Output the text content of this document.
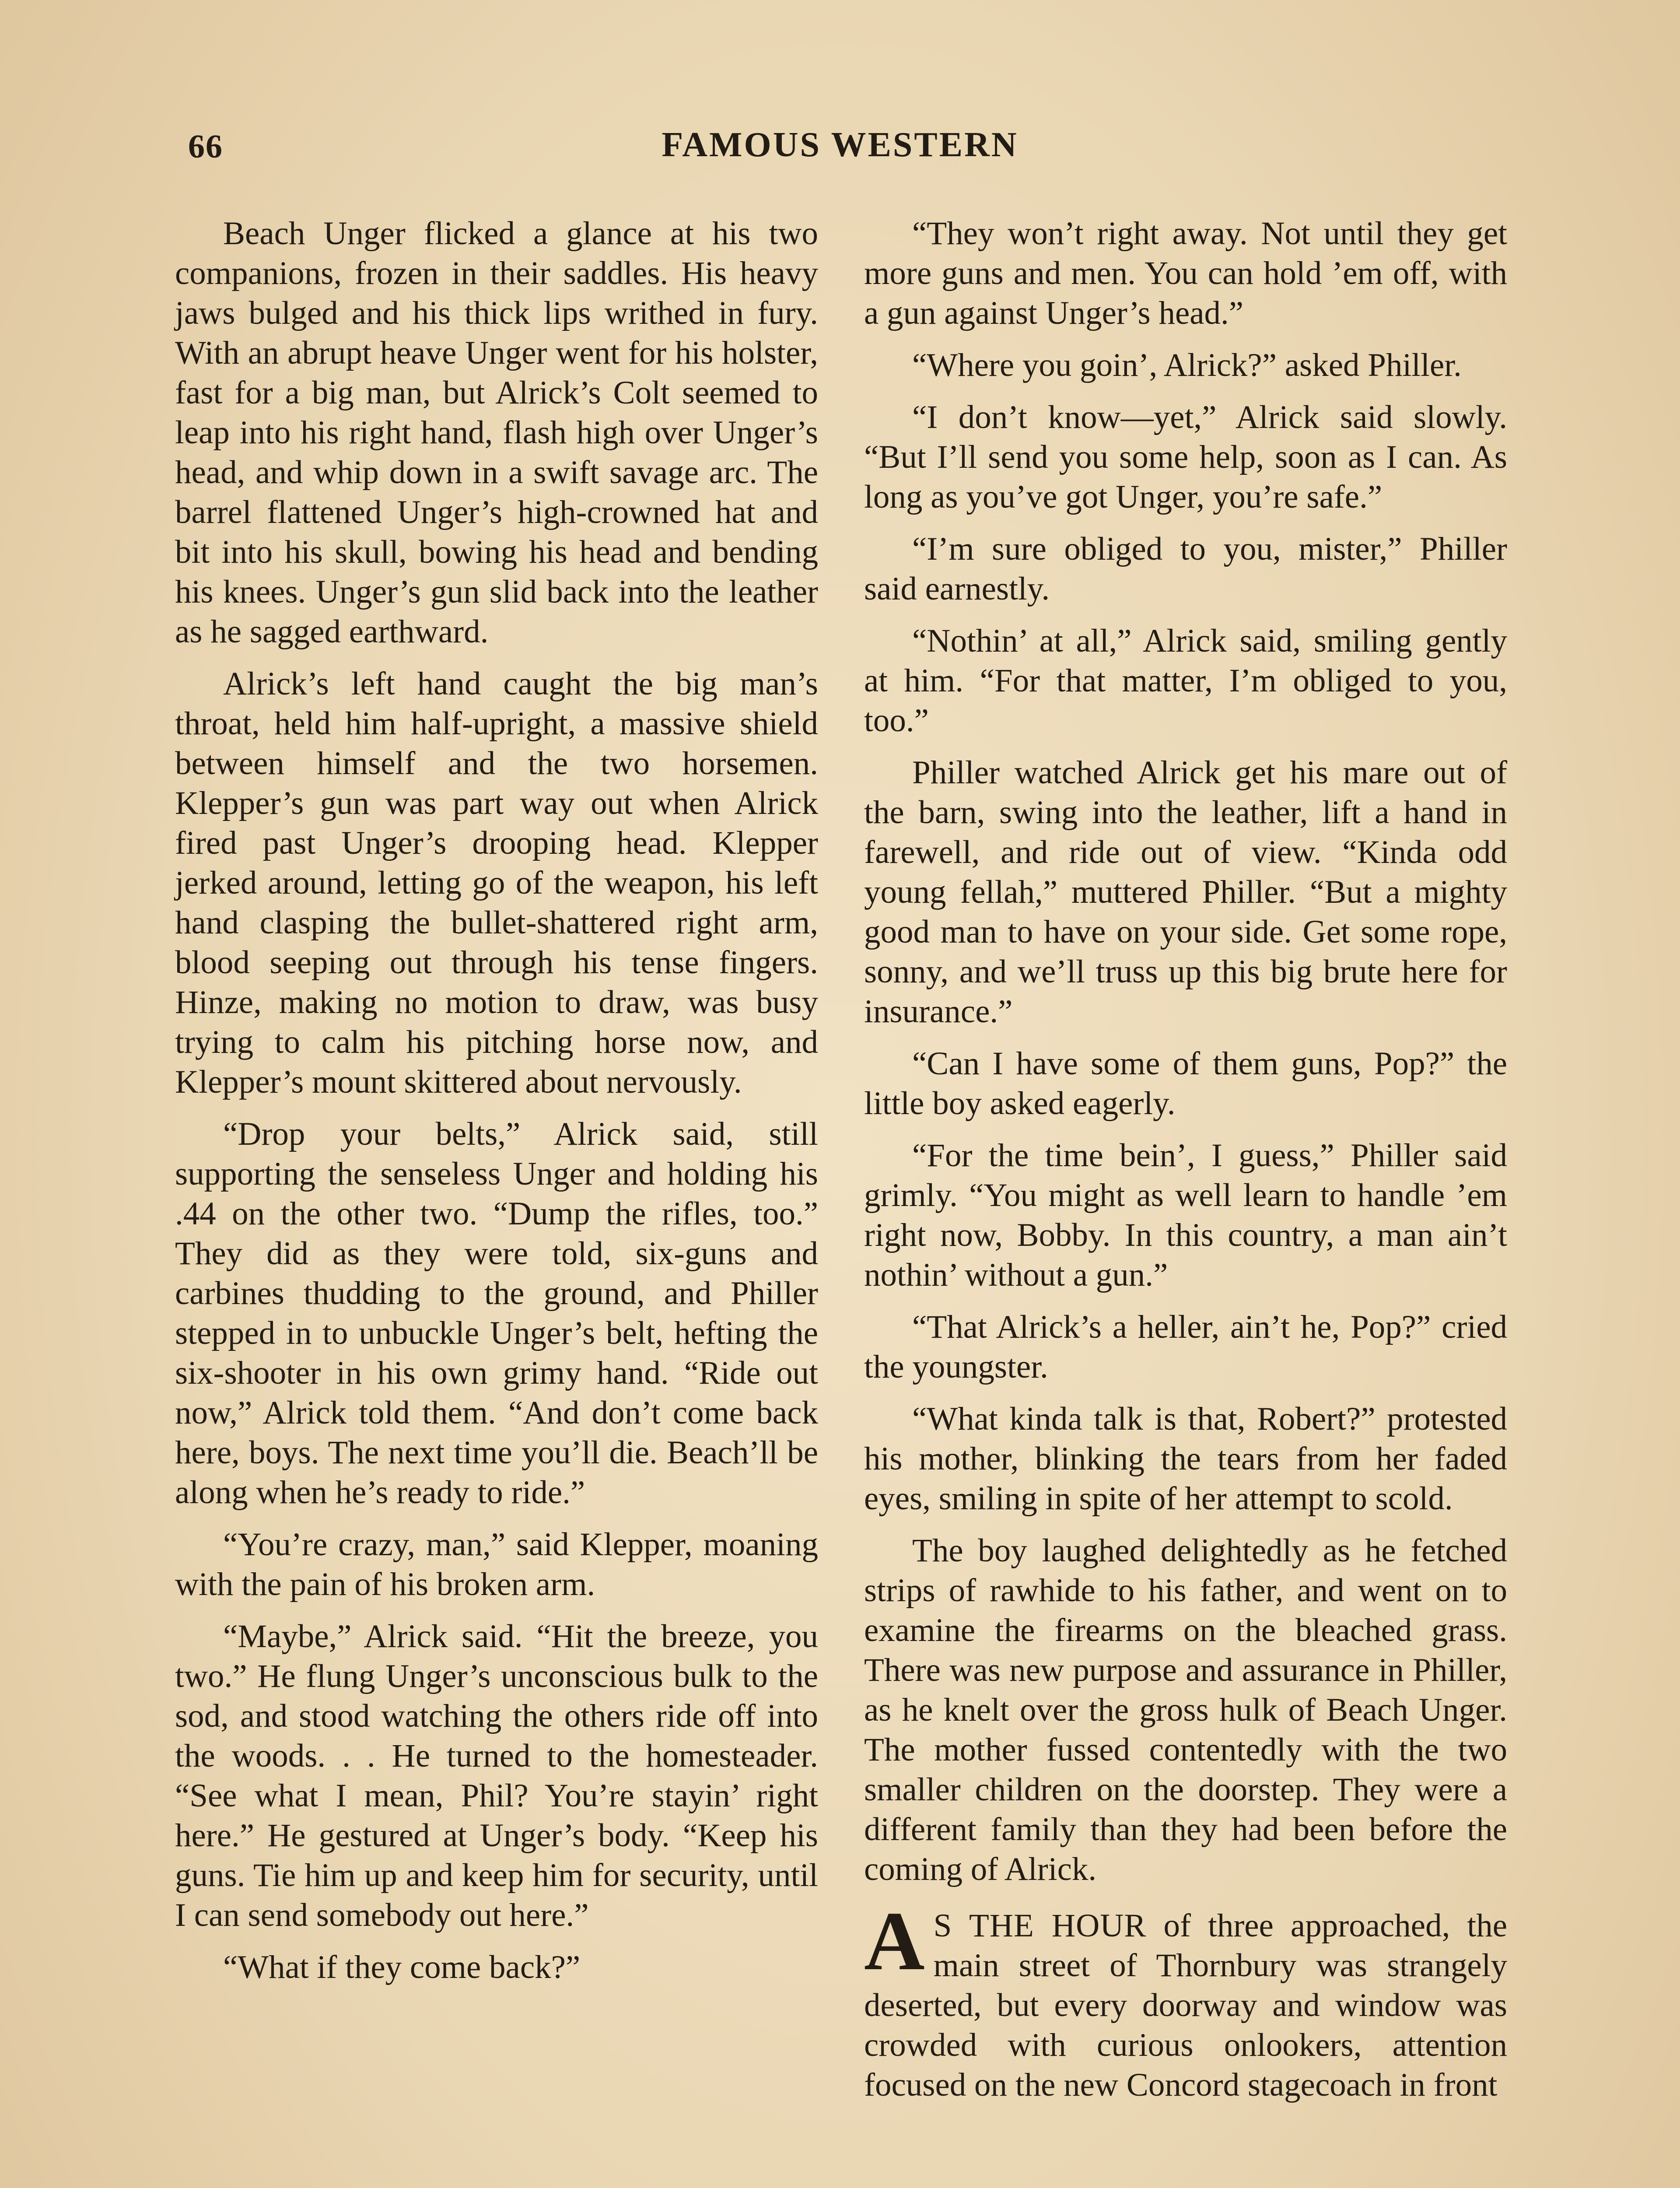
66	FAMOUS WESTERN

Beach Unger flicked a glance at his two companions, frozen in their saddles. His heavy jaws bulged and his thick lips writhed in fury. With an abrupt heave Unger went for his holster, fast for a big man, but Alrick’s Colt seemed to leap into his right hand, flash high over Unger’s head, and whip down in a swift savage arc. The barrel flattened Unger’s high-crowned hat and bit into his skull, bowing his head and bending his knees. Unger’s gun slid back into the leather as he sagged earthward.

Alrick’s left hand caught the big man’s throat, held him half-upright, a massive shield between himself and the two horsemen. Klepper’s gun was part way out when Alrick fired past Unger’s drooping head. Klepper jerked around, letting go of the weapon, his left hand clasping the bullet-shattered right arm, blood seeping out through his tense fingers. Hinze, making no motion to draw, was busy trying to calm his pitching horse now, and Klepper’s mount skittered about nervously.

“Drop your belts,” Alrick said, still supporting the senseless Unger and holding his .44 on the other two. “Dump the rifles, too.” They did as they were told, six-guns and carbines thudding to the ground, and Philler stepped in to unbuckle Unger’s belt, hefting the six-shooter in his own grimy hand. “Ride out now,” Alrick told them. “And don’t come back here, boys. The next time you’ll die. Beach’ll be along when he’s ready to ride.”

“You’re crazy, man,” said Klepper, moaning with the pain of his broken arm.

“Maybe,” Alrick said. “Hit the breeze, you two.” He flung Unger’s unconscious bulk to the sod, and stood watching the others ride off into the woods. . . He turned to the homesteader. “See what I mean, Phil? You’re stayin’ right here.” He gestured at Unger’s body. “Keep his guns. Tie him up and keep him for security, until I can send somebody out here.”

“What if they come back?”

“They won’t right away. Not until they get more guns and men. You can hold ’em off, with a gun against Unger’s head.”

“Where you goin’, Alrick?” asked Philler.

“I don’t know—yet,” Alrick said slowly. “But I’ll send you some help, soon as I can. As long as you’ve got Unger, you’re safe.”

“I’m sure obliged to you, mister,” Philler said earnestly.

“Nothin’ at all,” Alrick said, smiling gently at him. “For that matter, I’m obliged to you, too.”

Philler watched Alrick get his mare out of the barn, swing into the leather, lift a hand in farewell, and ride out of view. “Kinda odd young fellah,” muttered Philler. “But a mighty good man to have on your side. Get some rope, sonny, and we’ll truss up this big brute here for insurance.”

“Can I have some of them guns, Pop?” the little boy asked eagerly.

“For the time bein’, I guess,” Philler said grimly. “You might as well learn to handle ’em right now, Bobby. In this country, a man ain’t nothin’ without a gun.”

“That Alrick’s a heller, ain’t he, Pop?” cried the youngster.

“What kinda talk is that, Robert?” protested his mother, blinking the tears from her faded eyes, smiling in spite of her attempt to scold.

The boy laughed delightedly as he fetched strips of rawhide to his father, and went on to examine the firearms on the bleached grass. There was new purpose and assurance in Philler, as he knelt over the gross hulk of Beach Unger. The mother fussed contentedly with the two smaller children on the doorstep. They were a different family than they had been before the coming of Alrick.

A S THE HOUR of three approached, the main street of Thornbury was strangely deserted, but every doorway and window was crowded with curious onlookers, attention focused on the new Concord stagecoach in front
